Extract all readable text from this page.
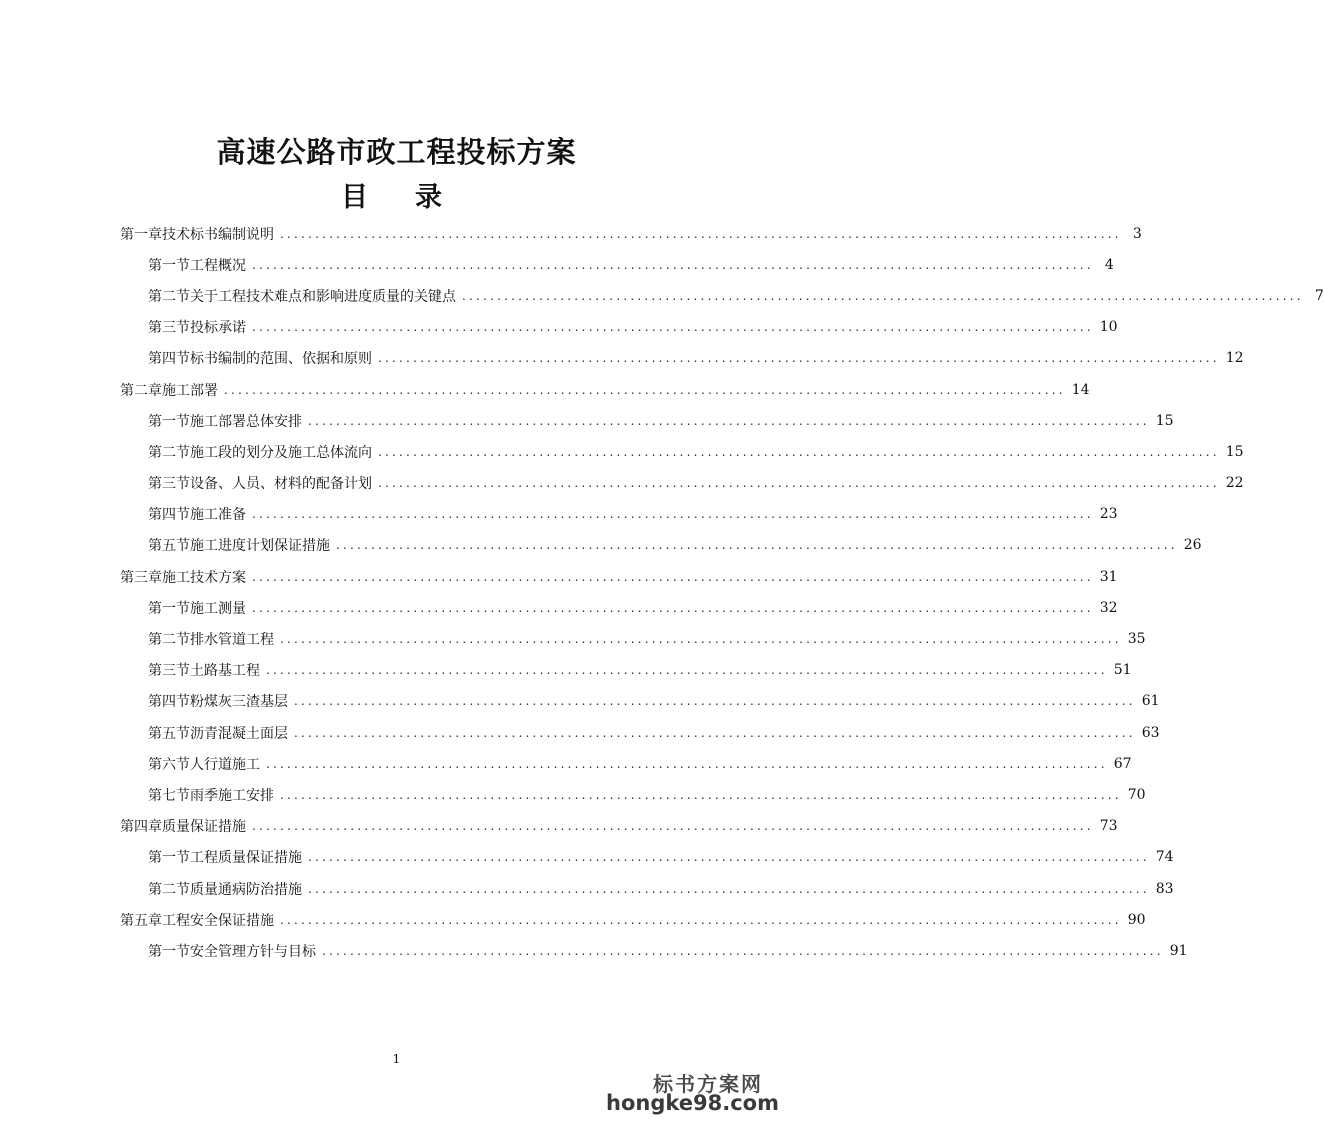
高速公路市政工程投标方案
目　录
第一章 技术标书编制说明 ........................................................................................................................ 3
第一节 工程概况 ........................................................................................................................ 4
第二节 关于工程技术难点和影响进度质量的关键点 ........................................................................................................................ 7
第三节 投标承诺 ........................................................................................................................ 10
第四节 标书编制的范围、依据和原则 ........................................................................................................................ 12
第二章 施工部署 ........................................................................................................................ 14
第一节 施工部署总体安排 ........................................................................................................................ 15
第二节 施工段的划分及施工总体流向 ........................................................................................................................ 15
第三节 设备、人员、材料的配备计划 ........................................................................................................................ 22
第四节 施工准备 ........................................................................................................................ 23
第五节 施工进度计划保证措施 ........................................................................................................................ 26
第三章 施工技术方案 ........................................................................................................................ 31
第一节 施工测量 ........................................................................................................................ 32
第二节 排水管道工程 ........................................................................................................................ 35
第三节 土路基工程 ........................................................................................................................ 51
第四节 粉煤灰三渣基层 ........................................................................................................................ 61
第五节 沥青混凝土面层 ........................................................................................................................ 63
第六节 人行道施工 ........................................................................................................................ 67
第七节 雨季施工安排 ........................................................................................................................ 70
第四章 质量保证措施 ........................................................................................................................ 73
第一节 工程质量保证措施 ........................................................................................................................ 74
第二节 质量通病防治措施 ........................................................................................................................ 83
第五章 工程安全保证措施 ........................................................................................................................ 90
第一节 安全管理方针与目标 ........................................................................................................................ 91
1
标书方案网
hongke98.com
